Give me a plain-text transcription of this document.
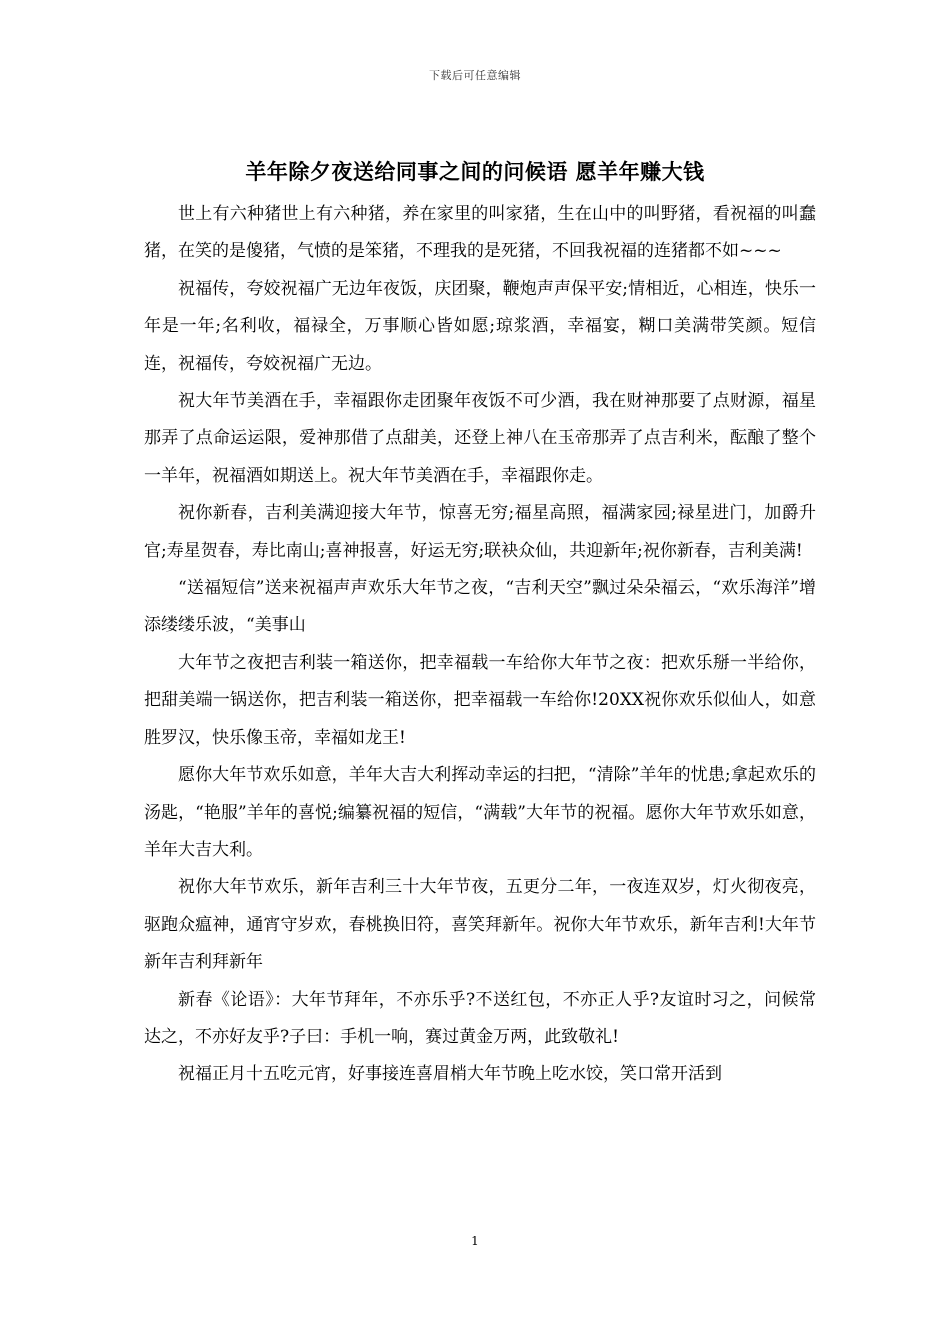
下载后可任意编辑
羊年除夕夜送给同事之间的问候语 愿羊年赚大钱

世上有六种猪世上有六种猪，养在家里的叫家猪，生在山中的叫野猪，看祝福的叫蠢猪，在笑的是傻猪，气愤的是笨猪，不理我的是死猪，不回我祝福的连猪都不如~~~

祝福传，夸姣祝福广无边年夜饭，庆团聚，鞭炮声声保平安;情相近，心相连，快乐一年是一年;名利收，福禄全，万事顺心皆如愿;琼浆酒，幸福宴，糊口美满带笑颜。短信连，祝福传，夸姣祝福广无边。

祝大年节美酒在手，幸福跟你走团聚年夜饭不可少酒，我在财神那要了点财源，福星那弄了点命运运限，爱神那借了点甜美，还登上神八在玉帝那弄了点吉利米，酝酿了整个一羊年，祝福酒如期送上。祝大年节美酒在手，幸福跟你走。

祝你新春，吉利美满迎接大年节，惊喜无穷;福星高照，福满家园;禄星进门，加爵升官;寿星贺春，寿比南山;喜神报喜，好运无穷;联袂众仙，共迎新年;祝你新春，吉利美满!

“送福短信”送来祝福声声欢乐大年节之夜，“吉利天空”飘过朵朵福云，“欢乐海洋”增添缕缕乐波，“美事山

大年节之夜把吉利装一箱送你，把幸福载一车给你大年节之夜：把欢乐掰一半给你，把甜美端一锅送你，把吉利装一箱送你，把幸福载一车给你!20XX祝你欢乐似仙人，如意胜罗汉，快乐像玉帝，幸福如龙王!

愿你大年节欢乐如意，羊年大吉大利挥动幸运的扫把，“清除”羊年的忧患;拿起欢乐的汤匙，“艳服”羊年的喜悦;编纂祝福的短信，“满载”大年节的祝福。愿你大年节欢乐如意，羊年大吉大利。

祝你大年节欢乐，新年吉利三十大年节夜，五更分二年，一夜连双岁，灯火彻夜亮，驱跑众瘟神，通宵守岁欢，春桃换旧符，喜笑拜新年。祝你大年节欢乐，新年吉利!大年节新年吉利拜新年

新春《论语》：大年节拜年，不亦乐乎?不送红包，不亦正人乎?友谊时习之，问候常达之，不亦好友乎?子曰：手机一响，赛过黄金万两，此致敬礼!

祝福正月十五吃元宵，好事接连喜眉梢大年节晚上吃水饺，笑口常开活到

1
